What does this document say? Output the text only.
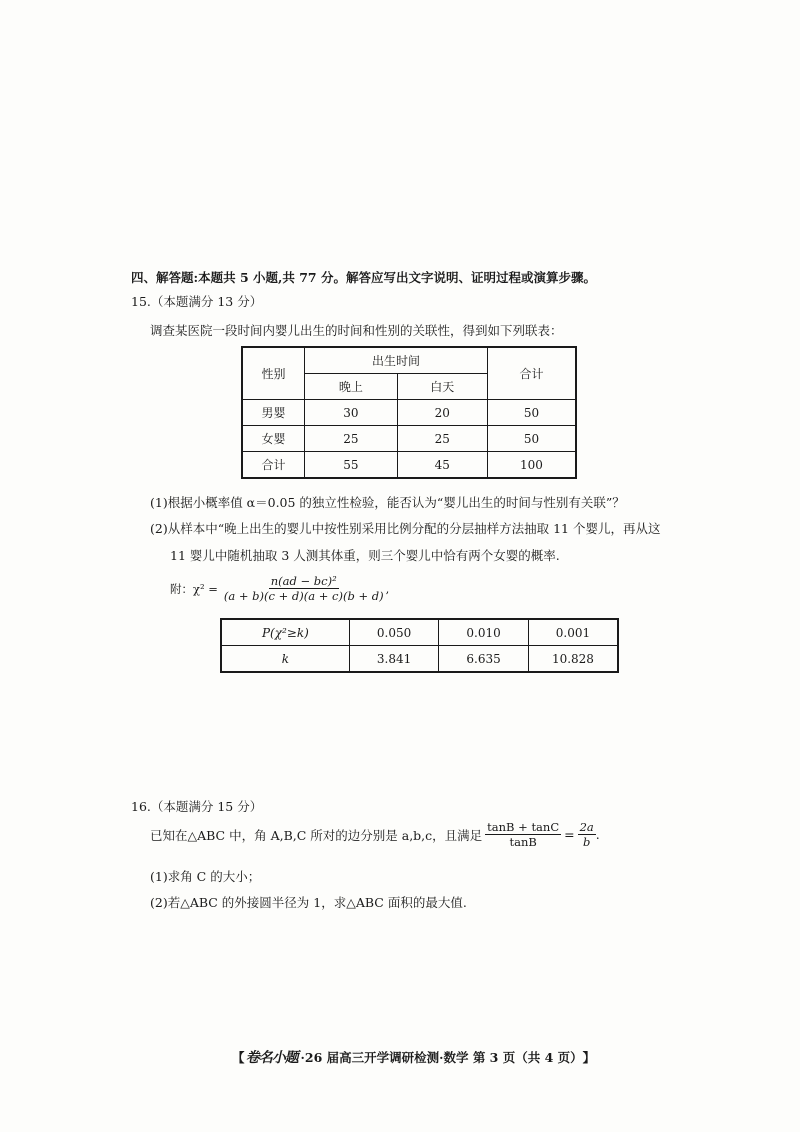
四、解答题:本题共 5 小题,共 77 分。解答应写出文字说明、证明过程或演算步骤。
15.（本题满分 13 分）
调查某医院一段时间内婴儿出生的时间和性别的关联性，得到如下列联表：
性别	出生时间		合计
	晚上	白天	
男婴	30	20	50
女婴	25	25	50
合计	55	45	100
(1)根据小概率值 α＝0.05 的独立性检验，能否认为“婴儿出生的时间与性别有关联”？
(2)从样本中“晚上出生的婴儿中按性别采用比例分配的分层抽样方法抽取 11 个婴儿，再从这
11 婴儿中随机抽取 3 人测其体重，则三个婴儿中恰有两个女婴的概率.
附：$\chi^2 = \frac{\text{n(ad − bc)²}}{(a + b)(c + d)(a + c)(b + d)}$ ,
P(χ²≥k)	0.050	0.010	0.001
k	3.841	6.635	10.828
16.（本题满分 15 分）
已知在△ABC 中，角 A,B,C 所对的边分别是 a,b,c，且满足 $\frac{\tan B + \tan C}{\tan B} = \frac{2a}{b}$ .
(1)求角 C 的大小；
(2)若△ABC 的外接圆半径为 1，求△ABC 面积的最大值.
【 卷名小题 ·26 届高三开学调研检测·数学 第 3 页（共 4 页） 】
